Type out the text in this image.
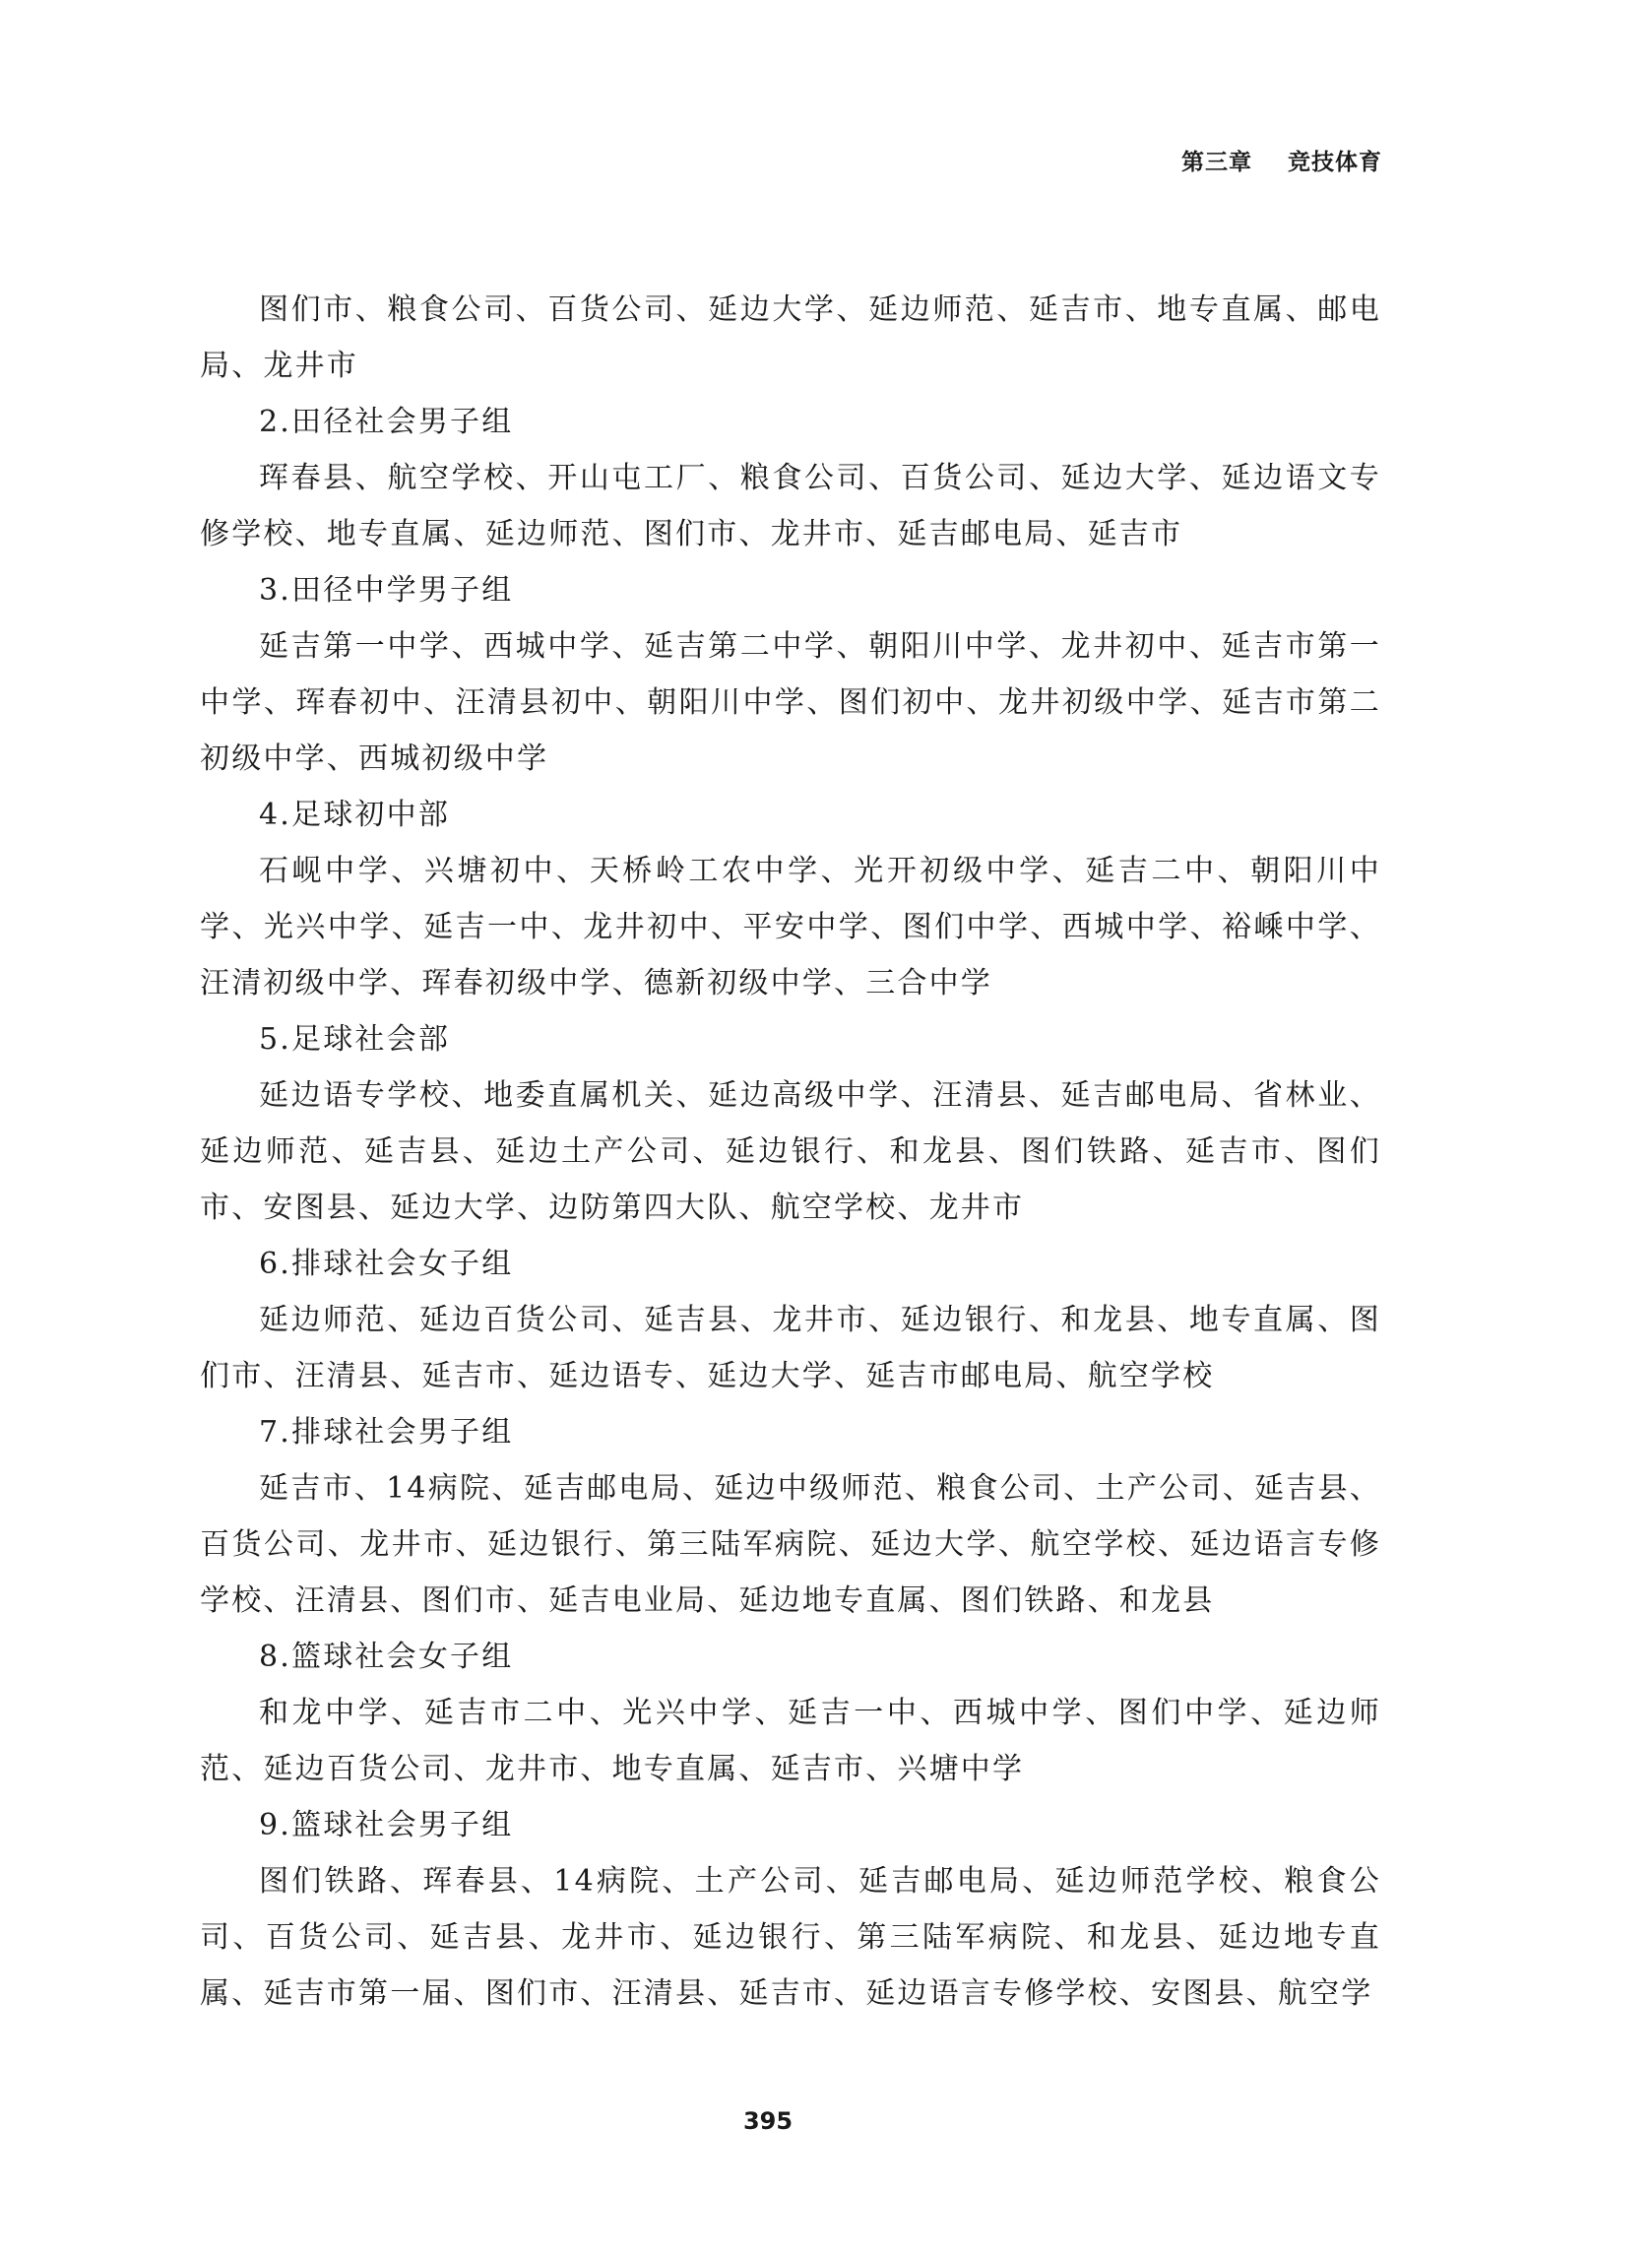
第三章 竞技体育

图们市、粮食公司、百货公司、延边大学、延边师范、延吉市、地专直属、邮电局、龙井市

2.田径社会男子组

珲春县、航空学校、开山屯工厂、粮食公司、百货公司、延边大学、延边语文专修学校、地专直属、延边师范、图们市、龙井市、延吉邮电局、延吉市

3.田径中学男子组

延吉第一中学、西城中学、延吉第二中学、朝阳川中学、龙井初中、延吉市第一中学、珲春初中、汪清县初中、朝阳川中学、图们初中、龙井初级中学、延吉市第二初级中学、西城初级中学

4.足球初中部

石岘中学、兴塘初中、天桥岭工农中学、光开初级中学、延吉二中、朝阳川中学、光兴中学、延吉一中、龙井初中、平安中学、图们中学、西城中学、裕嵊中学、汪清初级中学、珲春初级中学、德新初级中学、三合中学

5.足球社会部

延边语专学校、地委直属机关、延边高级中学、汪清县、延吉邮电局、省林业、延边师范、延吉县、延边土产公司、延边银行、和龙县、图们铁路、延吉市、图们市、安图县、延边大学、边防第四大队、航空学校、龙井市

6.排球社会女子组

延边师范、延边百货公司、延吉县、龙井市、延边银行、和龙县、地专直属、图们市、汪清县、延吉市、延边语专、延边大学、延吉市邮电局、航空学校

7.排球社会男子组

延吉市、14病院、延吉邮电局、延边中级师范、粮食公司、土产公司、延吉县、百货公司、龙井市、延边银行、第三陆军病院、延边大学、航空学校、延边语言专修学校、汪清县、图们市、延吉电业局、延边地专直属、图们铁路、和龙县

8.篮球社会女子组

和龙中学、延吉市二中、光兴中学、延吉一中、西城中学、图们中学、延边师范、延边百货公司、龙井市、地专直属、延吉市、兴塘中学

9.篮球社会男子组

图们铁路、珲春县、14病院、土产公司、延吉邮电局、延边师范学校、粮食公司、百货公司、延吉县、龙井市、延边银行、第三陆军病院、和龙县、延边地专直属、延吉市第一届、图们市、汪清县、延吉市、延边语言专修学校、安图县、航空学

395
